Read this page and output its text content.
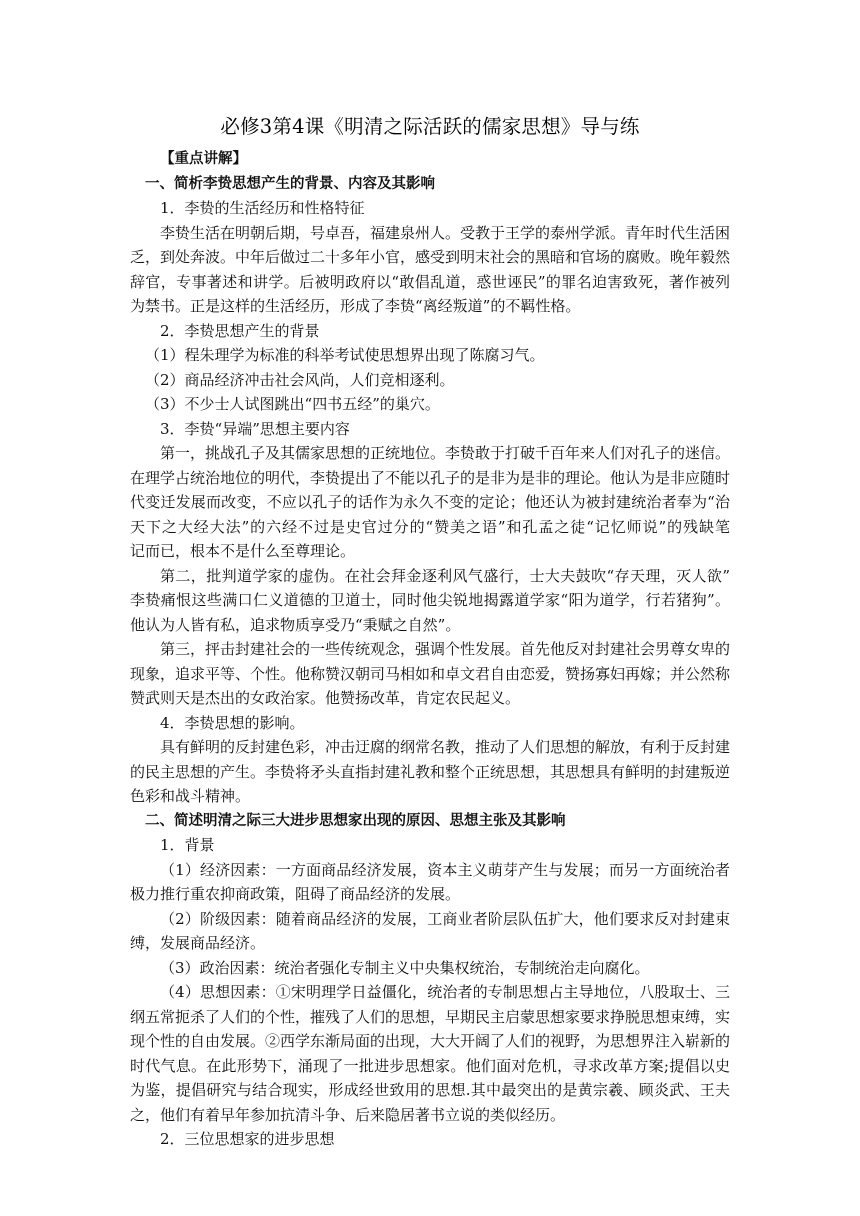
必修3第4课《明清之际活跃的儒家思想》导与练
【重点讲解】
一、简析李贽思想产生的背景、内容及其影响
1．李贽的生活经历和性格特征
李贽生活在明朝后期，号卓吾，福建泉州人。受教于王学的泰州学派。青年时代生活困
乏，到处奔波。中年后做过二十多年小官，感受到明末社会的黑暗和官场的腐败。晚年毅然
辞官，专事著述和讲学。后被明政府以“敢倡乱道，惑世诬民”的罪名迫害致死，著作被列
为禁书。正是这样的生活经历，形成了李贽“离经叛道”的不羁性格。
2．李贽思想产生的背景
（1）程朱理学为标准的科举考试使思想界出现了陈腐习气。
（2）商品经济冲击社会风尚，人们竞相逐利。
（3）不少士人试图跳出“四书五经”的巢穴。
3．李贽“异端”思想主要内容
第一，挑战孔子及其儒家思想的正统地位。李贽敢于打破千百年来人们对孔子的迷信。
在理学占统治地位的明代，李贽提出了不能以孔子的是非为是非的理论。他认为是非应随时
代变迁发展而改变，不应以孔子的话作为永久不变的定论；他还认为被封建统治者奉为“治
天下之大经大法”的六经不过是史官过分的“赞美之语”和孔孟之徒“记忆师说”的残缺笔
记而已，根本不是什么至尊理论。
第二，批判道学家的虚伪。在社会拜金逐利风气盛行，士大夫鼓吹“存天理，灭人欲”
李贽痛恨这些满口仁义道德的卫道士，同时他尖锐地揭露道学家“阳为道学，行若猪狗”。
他认为人皆有私，追求物质享受乃“秉赋之自然”。
第三，抨击封建社会的一些传统观念，强调个性发展。首先他反对封建社会男尊女卑的
现象，追求平等、个性。他称赞汉朝司马相如和卓文君自由恋爱，赞扬寡妇再嫁；并公然称
赞武则天是杰出的女政治家。他赞扬改革，肯定农民起义。
4．李贽思想的影响。
具有鲜明的反封建色彩，冲击迂腐的纲常名教，推动了人们思想的解放，有利于反封建
的民主思想的产生。李贽将矛头直指封建礼教和整个正统思想，其思想具有鲜明的封建叛逆
色彩和战斗精神。
二、简述明清之际三大进步思想家出现的原因、思想主张及其影响
1．背景
（1）经济因素：一方面商品经济发展，资本主义萌芽产生与发展；而另一方面统治者
极力推行重农抑商政策，阻碍了商品经济的发展。
（2）阶级因素：随着商品经济的发展，工商业者阶层队伍扩大，他们要求反对封建束
缚，发展商品经济。
（3）政治因素：统治者强化专制主义中央集权统治，专制统治走向腐化。
（4）思想因素：①宋明理学日益僵化，统治者的专制思想占主导地位，八股取士、三
纲五常扼杀了人们的个性，摧残了人们的思想，早期民主启蒙思想家要求挣脱思想束缚，实
现个性的自由发展。②西学东渐局面的出现，大大开阔了人们的视野，为思想界注入崭新的
时代气息。在此形势下，涌现了一批进步思想家。他们面对危机，寻求改革方案;提倡以史
为鉴，提倡研究与结合现实，形成经世致用的思想.其中最突出的是黄宗羲、顾炎武、王夫
之，他们有着早年参加抗清斗争、后来隐居著书立说的类似经历。
2．三位思想家的进步思想
